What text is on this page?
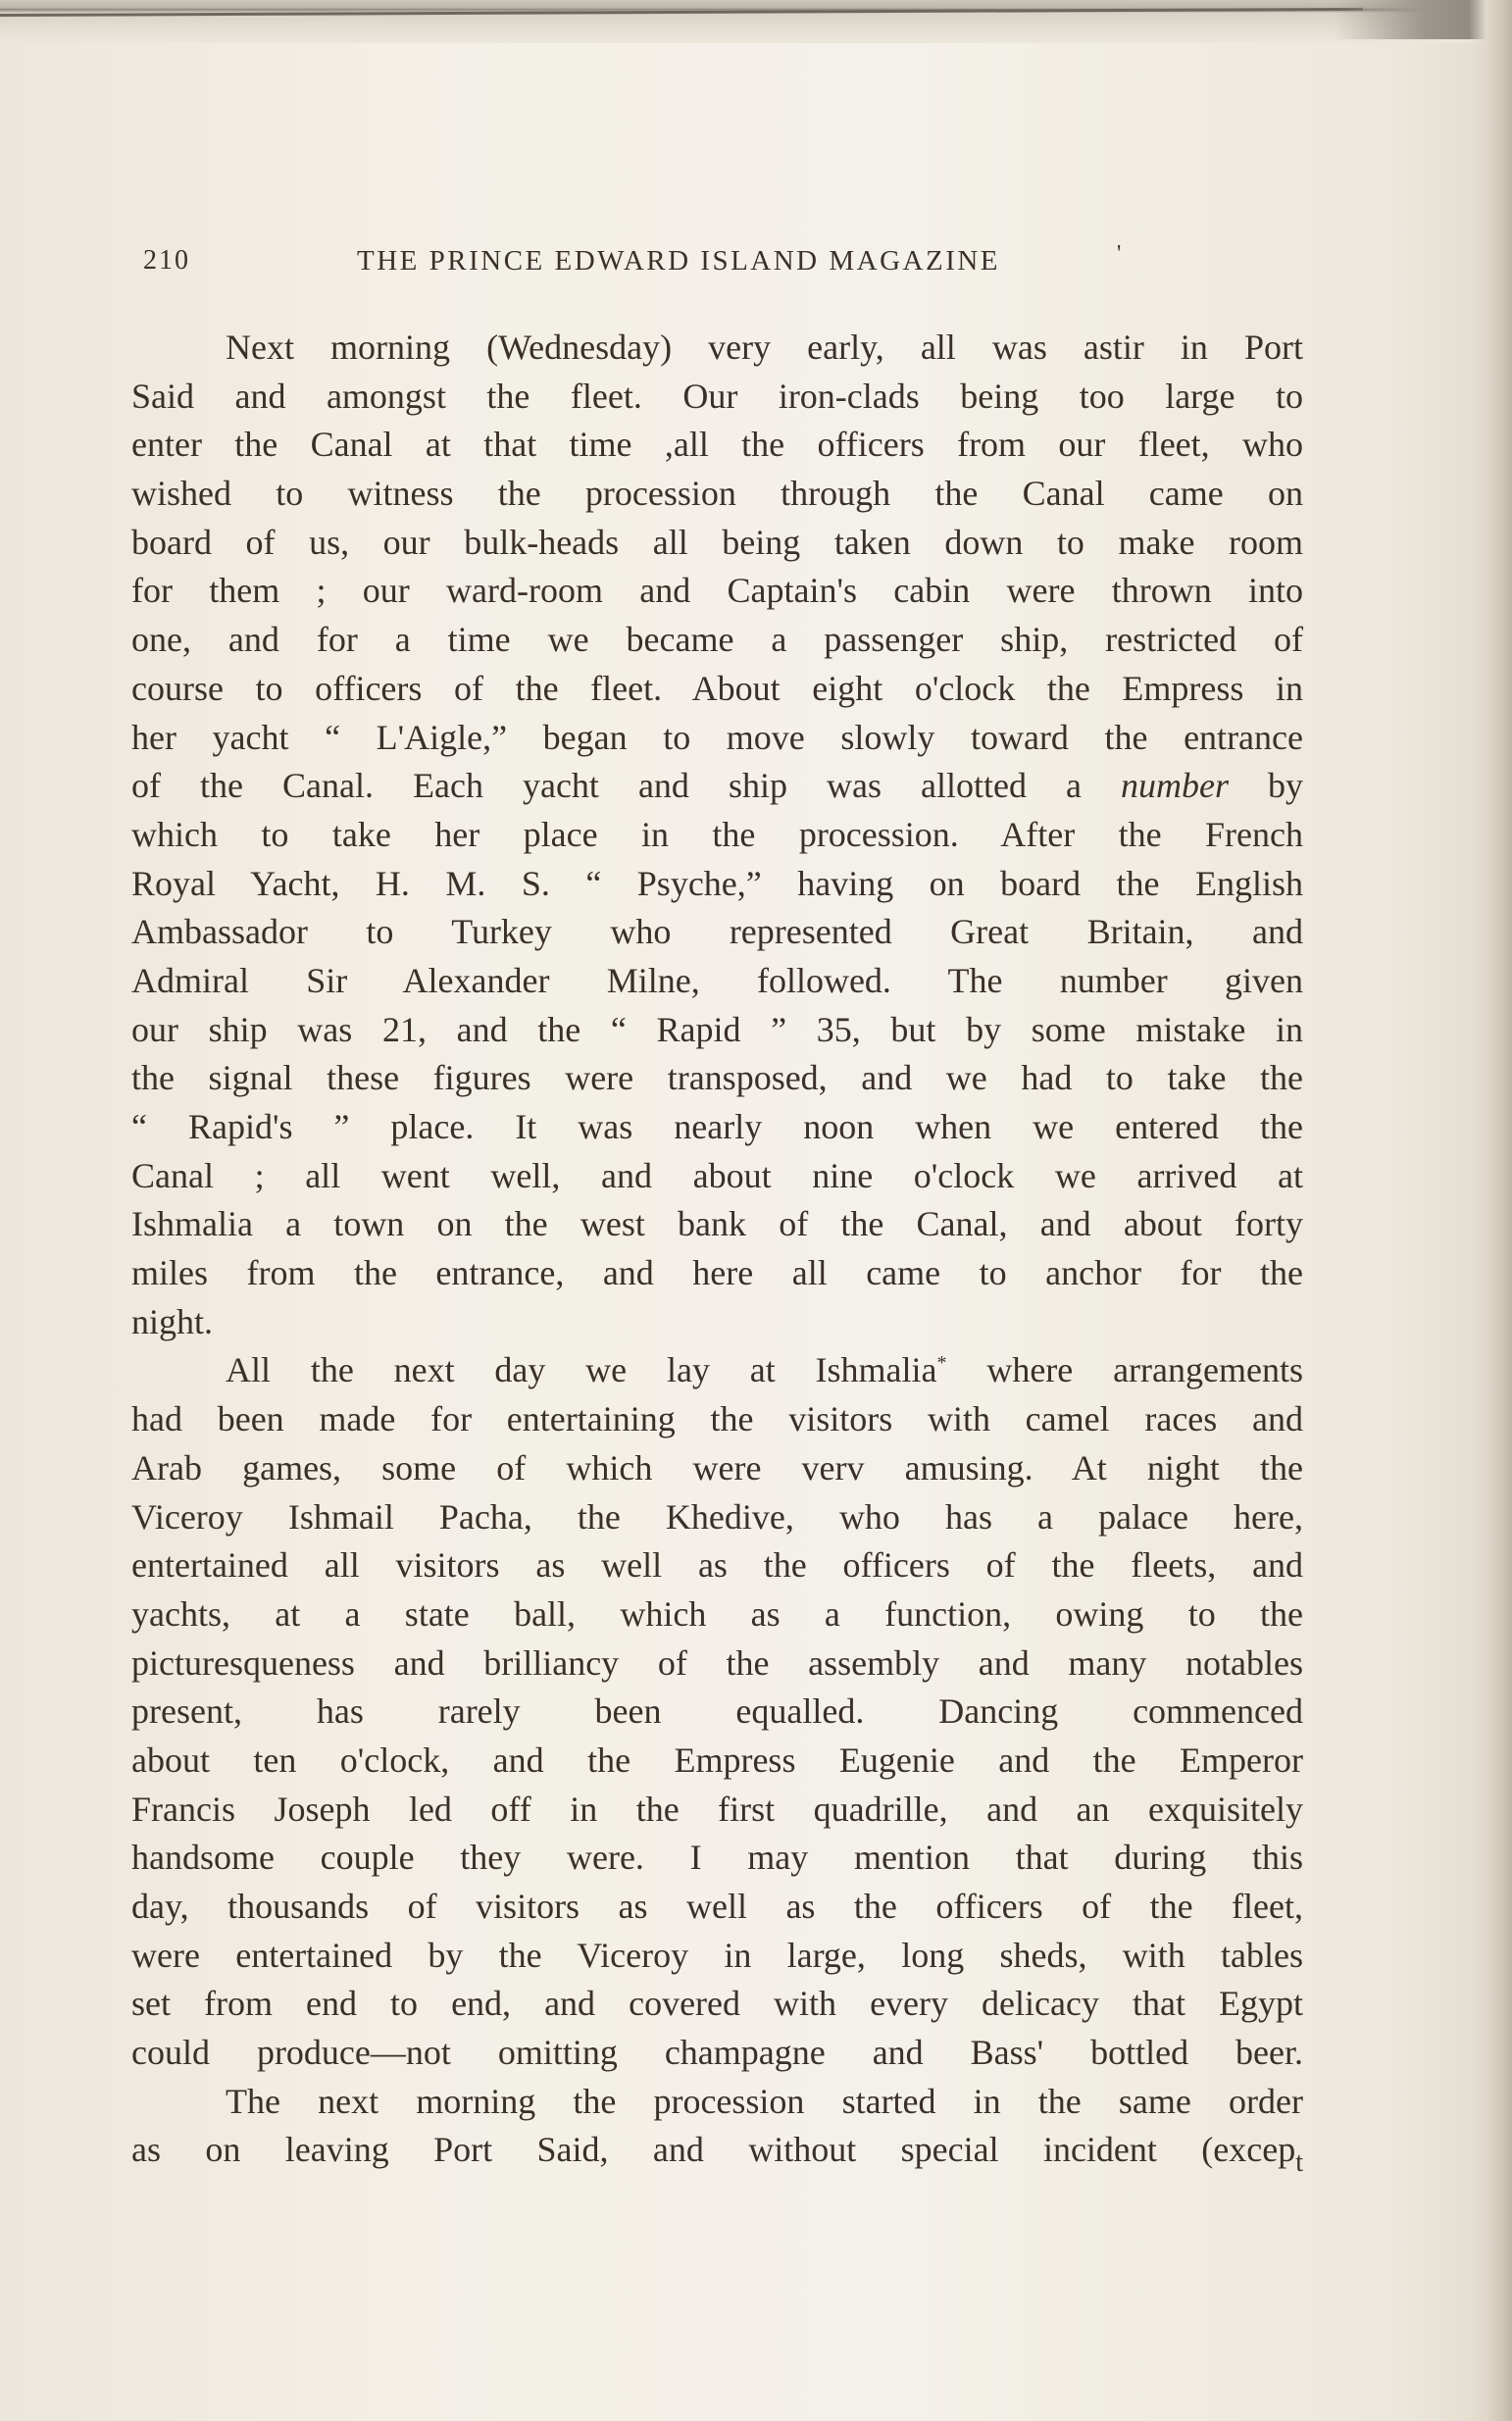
210	THE PRINCE EDWARD ISLAND MAGAZINE	'
Next morning (Wednesday) very early, all was astir in Port
Said and amongst the fleet. Our iron-clads being too large to
enter the Canal at that time ,all the officers from our fleet, who
wished to witness the procession through the Canal came on
board of us, our bulk-heads all being taken down to make room
for them ; our ward-room and Captain's cabin were thrown into
one, and for a time we became a passenger ship, restricted of
course to officers of the fleet. About eight o'clock the Empress in
her yacht “ L'Aigle,” began to move slowly toward the entrance
of the Canal. Each yacht and ship was allotted a number by
which to take her place in the procession. After the French
Royal Yacht, H. M. S. “ Psyche,” having on board the English
Ambassador to Turkey who represented Great Britain, and
Admiral Sir Alexander Milne, followed. The number given
our ship was 21, and the “ Rapid ” 35, but by some mistake in
the signal these figures were transposed, and we had to take the
“ Rapid's ” place. It was nearly noon when we entered the
Canal ; all went well, and about nine o'clock we arrived at
Ishmalia a town on the west bank of the Canal, and about forty
miles from the entrance, and here all came to anchor for the
night.
All the next day we lay at Ishmalia* where arrangements
had been made for entertaining the visitors with camel races and
Arab games, some of which were verv amusing. At night the
Viceroy Ishmail Pacha, the Khedive, who has a palace here,
entertained all visitors as well as the officers of the fleets, and
yachts, at a state ball, which as a function, owing to the
picturesqueness and brilliancy of the assembly and many notables
present, has rarely been equalled. Dancing commenced
about ten o'clock, and the Empress Eugenie and the Emperor
Francis Joseph led off in the first quadrille, and an exquisitely
handsome couple they were. I may mention that during this
day, thousands of visitors as well as the officers of the fleet,
were entertained by the Viceroy in large, long sheds, with tables
set from end to end, and covered with every delicacy that Egypt
could produce—not omitting champagne and Bass' bottled beer.
The next morning the procession started in the same order
as on leaving Port Said, and without special incident (excep$_t$
